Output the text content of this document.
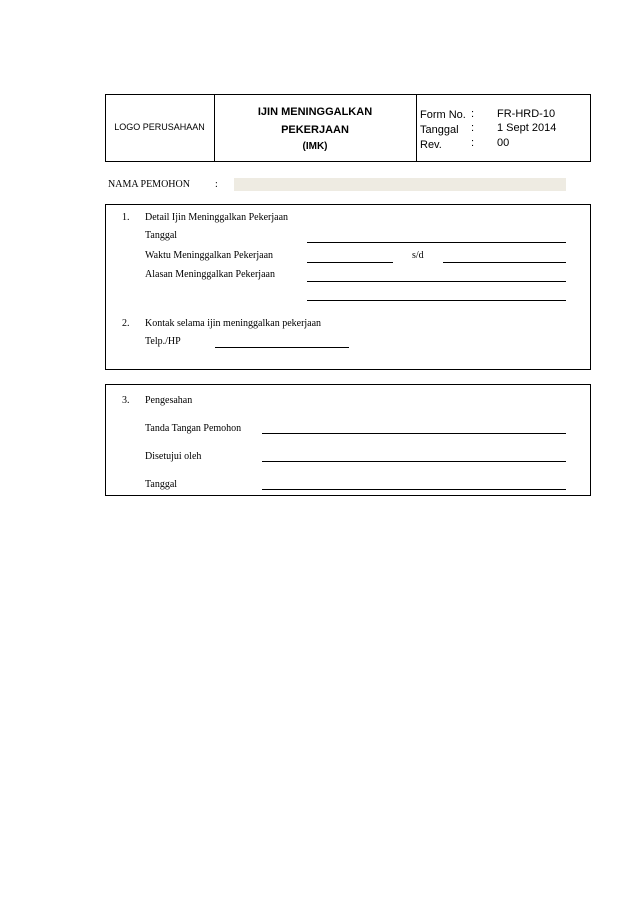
LOGO PERUSAHAAN
IJIN MENINGGALKAN
PEKERJAAN
(IMK)
Form No. : FR-HRD-10
Tanggal : 1 Sept 2014
Rev.	: 00
NAMA PEMOHON	:
1. Detail Ijin Meninggalkan Pekerjaan
Tanggal
Waktu Meninggalkan Pekerjaan	s/d
Alasan Meninggalkan Pekerjaan
2. Kontak selama ijin meninggalkan pekerjaan
Telp./HP
3. Pengesahan
Tanda Tangan Pemohon
Disetujui oleh
Tanggal
